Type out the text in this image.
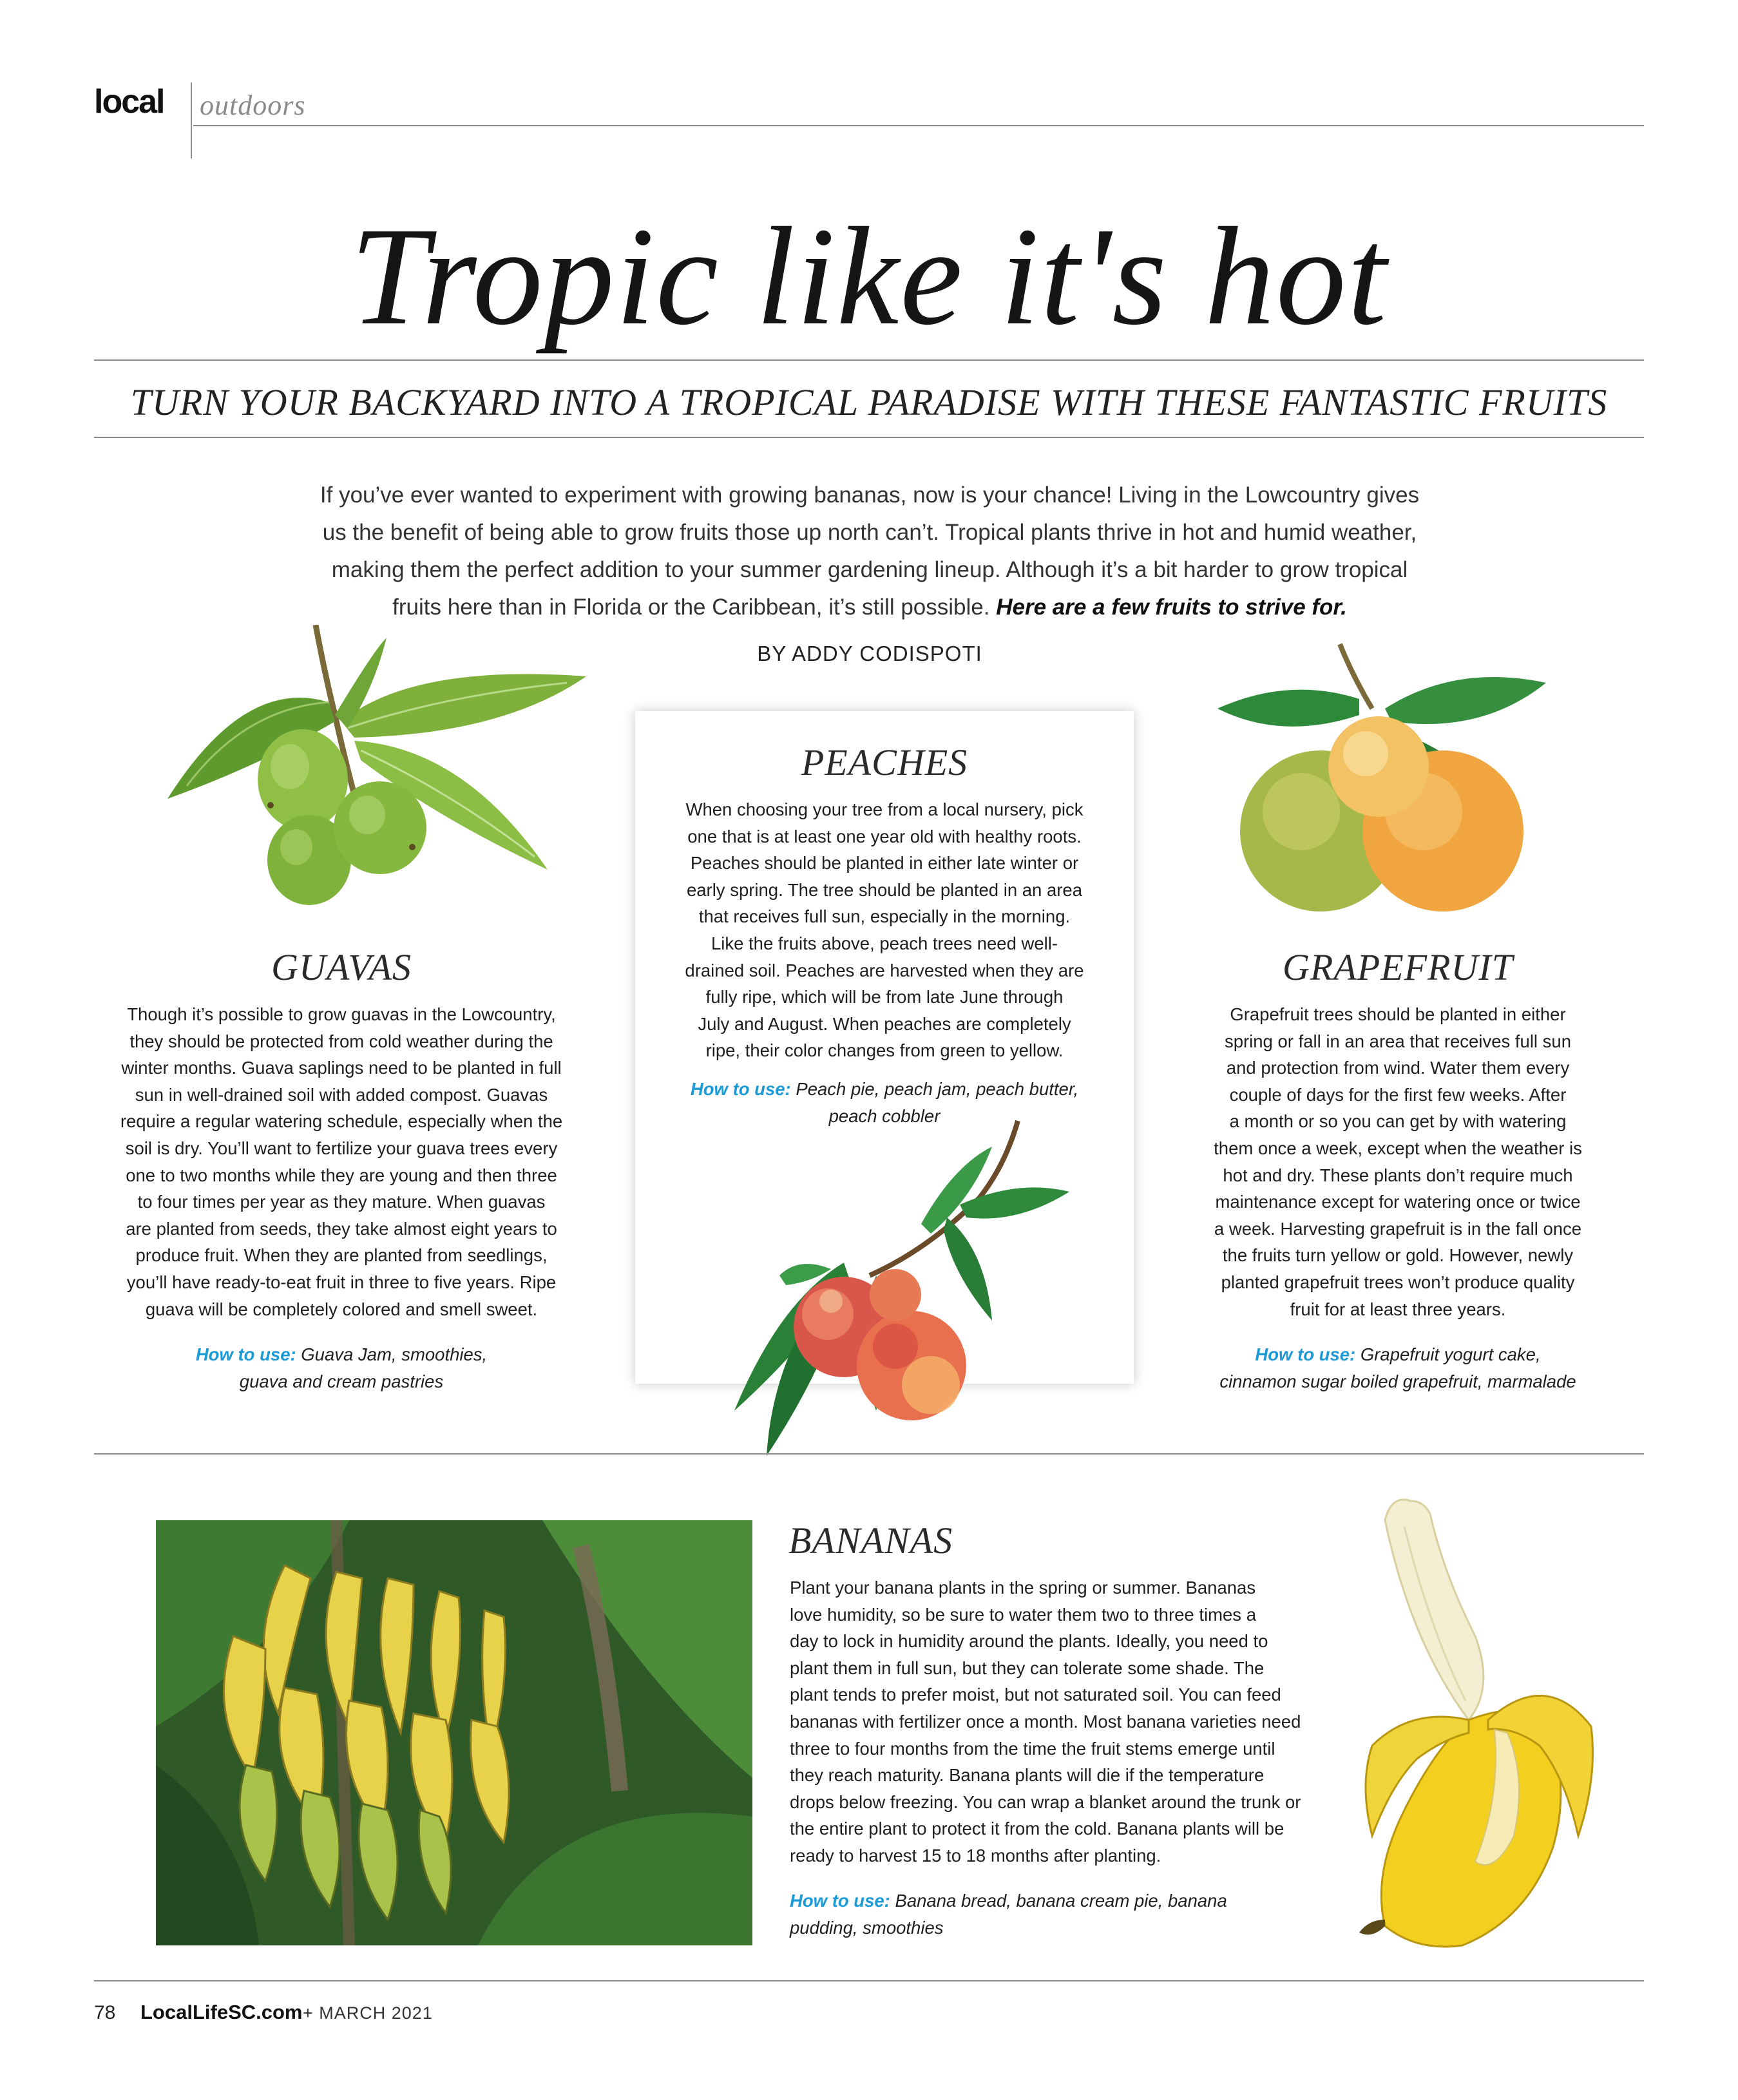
local outdoors
Tropic like it's hot
TURN YOUR BACKYARD INTO A TROPICAL PARADISE WITH THESE FANTASTIC FRUITS
If you’ve ever wanted to experiment with growing bananas, now is your chance! Living in the Lowcountry gives
us the benefit of being able to grow fruits those up north can’t. Tropical plants thrive in hot and humid weather,
making them the perfect addition to your summer gardening lineup. Although it’s a bit harder to grow tropical
fruits here than in Florida or the Caribbean, it’s still possible. Here are a few fruits to strive for.
BY ADDY CODISPOTI
GUAVAS
Though it’s possible to grow guavas in the Lowcountry,
they should be protected from cold weather during the
winter months. Guava saplings need to be planted in full
sun in well-drained soil with added compost. Guavas
require a regular watering schedule, especially when the
soil is dry. You’ll want to fertilize your guava trees every
one to two months while they are young and then three
to four times per year as they mature. When guavas
are planted from seeds, they take almost eight years to
produce fruit. When they are planted from seedlings,
you’ll have ready-to-eat fruit in three to five years. Ripe
guava will be completely colored and smell sweet.
How to use: Guava Jam, smoothies,
guava and cream pastries
PEACHES
When choosing your tree from a local nursery, pick
one that is at least one year old with healthy roots.
Peaches should be planted in either late winter or
early spring. The tree should be planted in an area
that receives full sun, especially in the morning.
Like the fruits above, peach trees need well-
drained soil. Peaches are harvested when they are
fully ripe, which will be from late June through
July and August. When peaches are completely
ripe, their color changes from green to yellow.
How to use: Peach pie, peach jam, peach butter,
peach cobbler
GRAPEFRUIT
Grapefruit trees should be planted in either
spring or fall in an area that receives full sun
and protection from wind. Water them every
couple of days for the first few weeks. After
a month or so you can get by with watering
them once a week, except when the weather is
hot and dry. These plants don’t require much
maintenance except for watering once or twice
a week. Harvesting grapefruit is in the fall once
the fruits turn yellow or gold. However, newly
planted grapefruit trees won’t produce quality
fruit for at least three years.
How to use: Grapefruit yogurt cake,
cinnamon sugar boiled grapefruit, marmalade
BANANAS
Plant your banana plants in the spring or summer. Bananas
love humidity, so be sure to water them two to three times a
day to lock in humidity around the plants. Ideally, you need to
plant them in full sun, but they can tolerate some shade. The
plant tends to prefer moist, but not saturated soil. You can feed
bananas with fertilizer once a month. Most banana varieties need
three to four months from the time the fruit stems emerge until
they reach maturity. Banana plants will die if the temperature
drops below freezing. You can wrap a blanket around the trunk or
the entire plant to protect it from the cold. Banana plants will be
ready to harvest 15 to 18 months after planting.
How to use: Banana bread, banana cream pie, banana
pudding, smoothies
78 LocalLifeSC.com + MARCH 2021
